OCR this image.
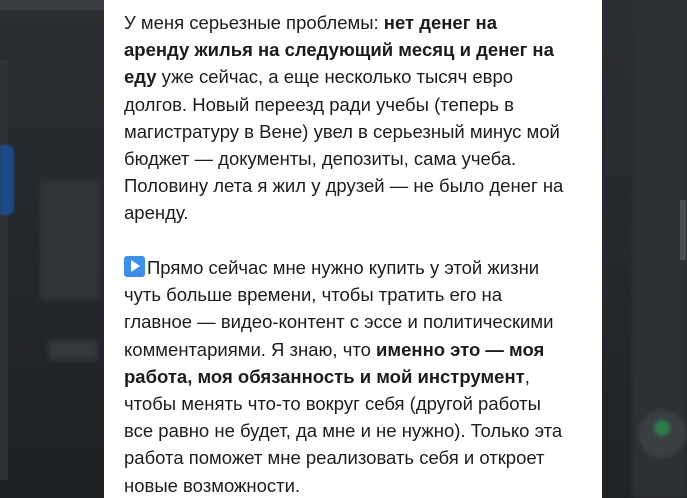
У меня серьезные проблемы: нет денег на
аренду жилья на следующий месяц и денег на
еду уже сейчас, а еще несколько тысяч евро
долгов. Новый переезд ради учебы (теперь в
магистратуру в Вене) увел в серьезный минус мой
бюджет — документы, депозиты, сама учеба.
Половину лета я жил у друзей — не было денег на
аренду.

Прямо сейчас мне нужно купить у этой жизни
чуть больше времени, чтобы тратить его на
главное — видео-контент с эссе и политическими
комментариями. Я знаю, что именно это — моя
работа, моя обязанность и мой инструмент,
чтобы менять что-то вокруг себя (другой работы
все равно не будет, да мне и не нужно). Только эта
работа поможет мне реализовать себя и откроет
новые возможности.
